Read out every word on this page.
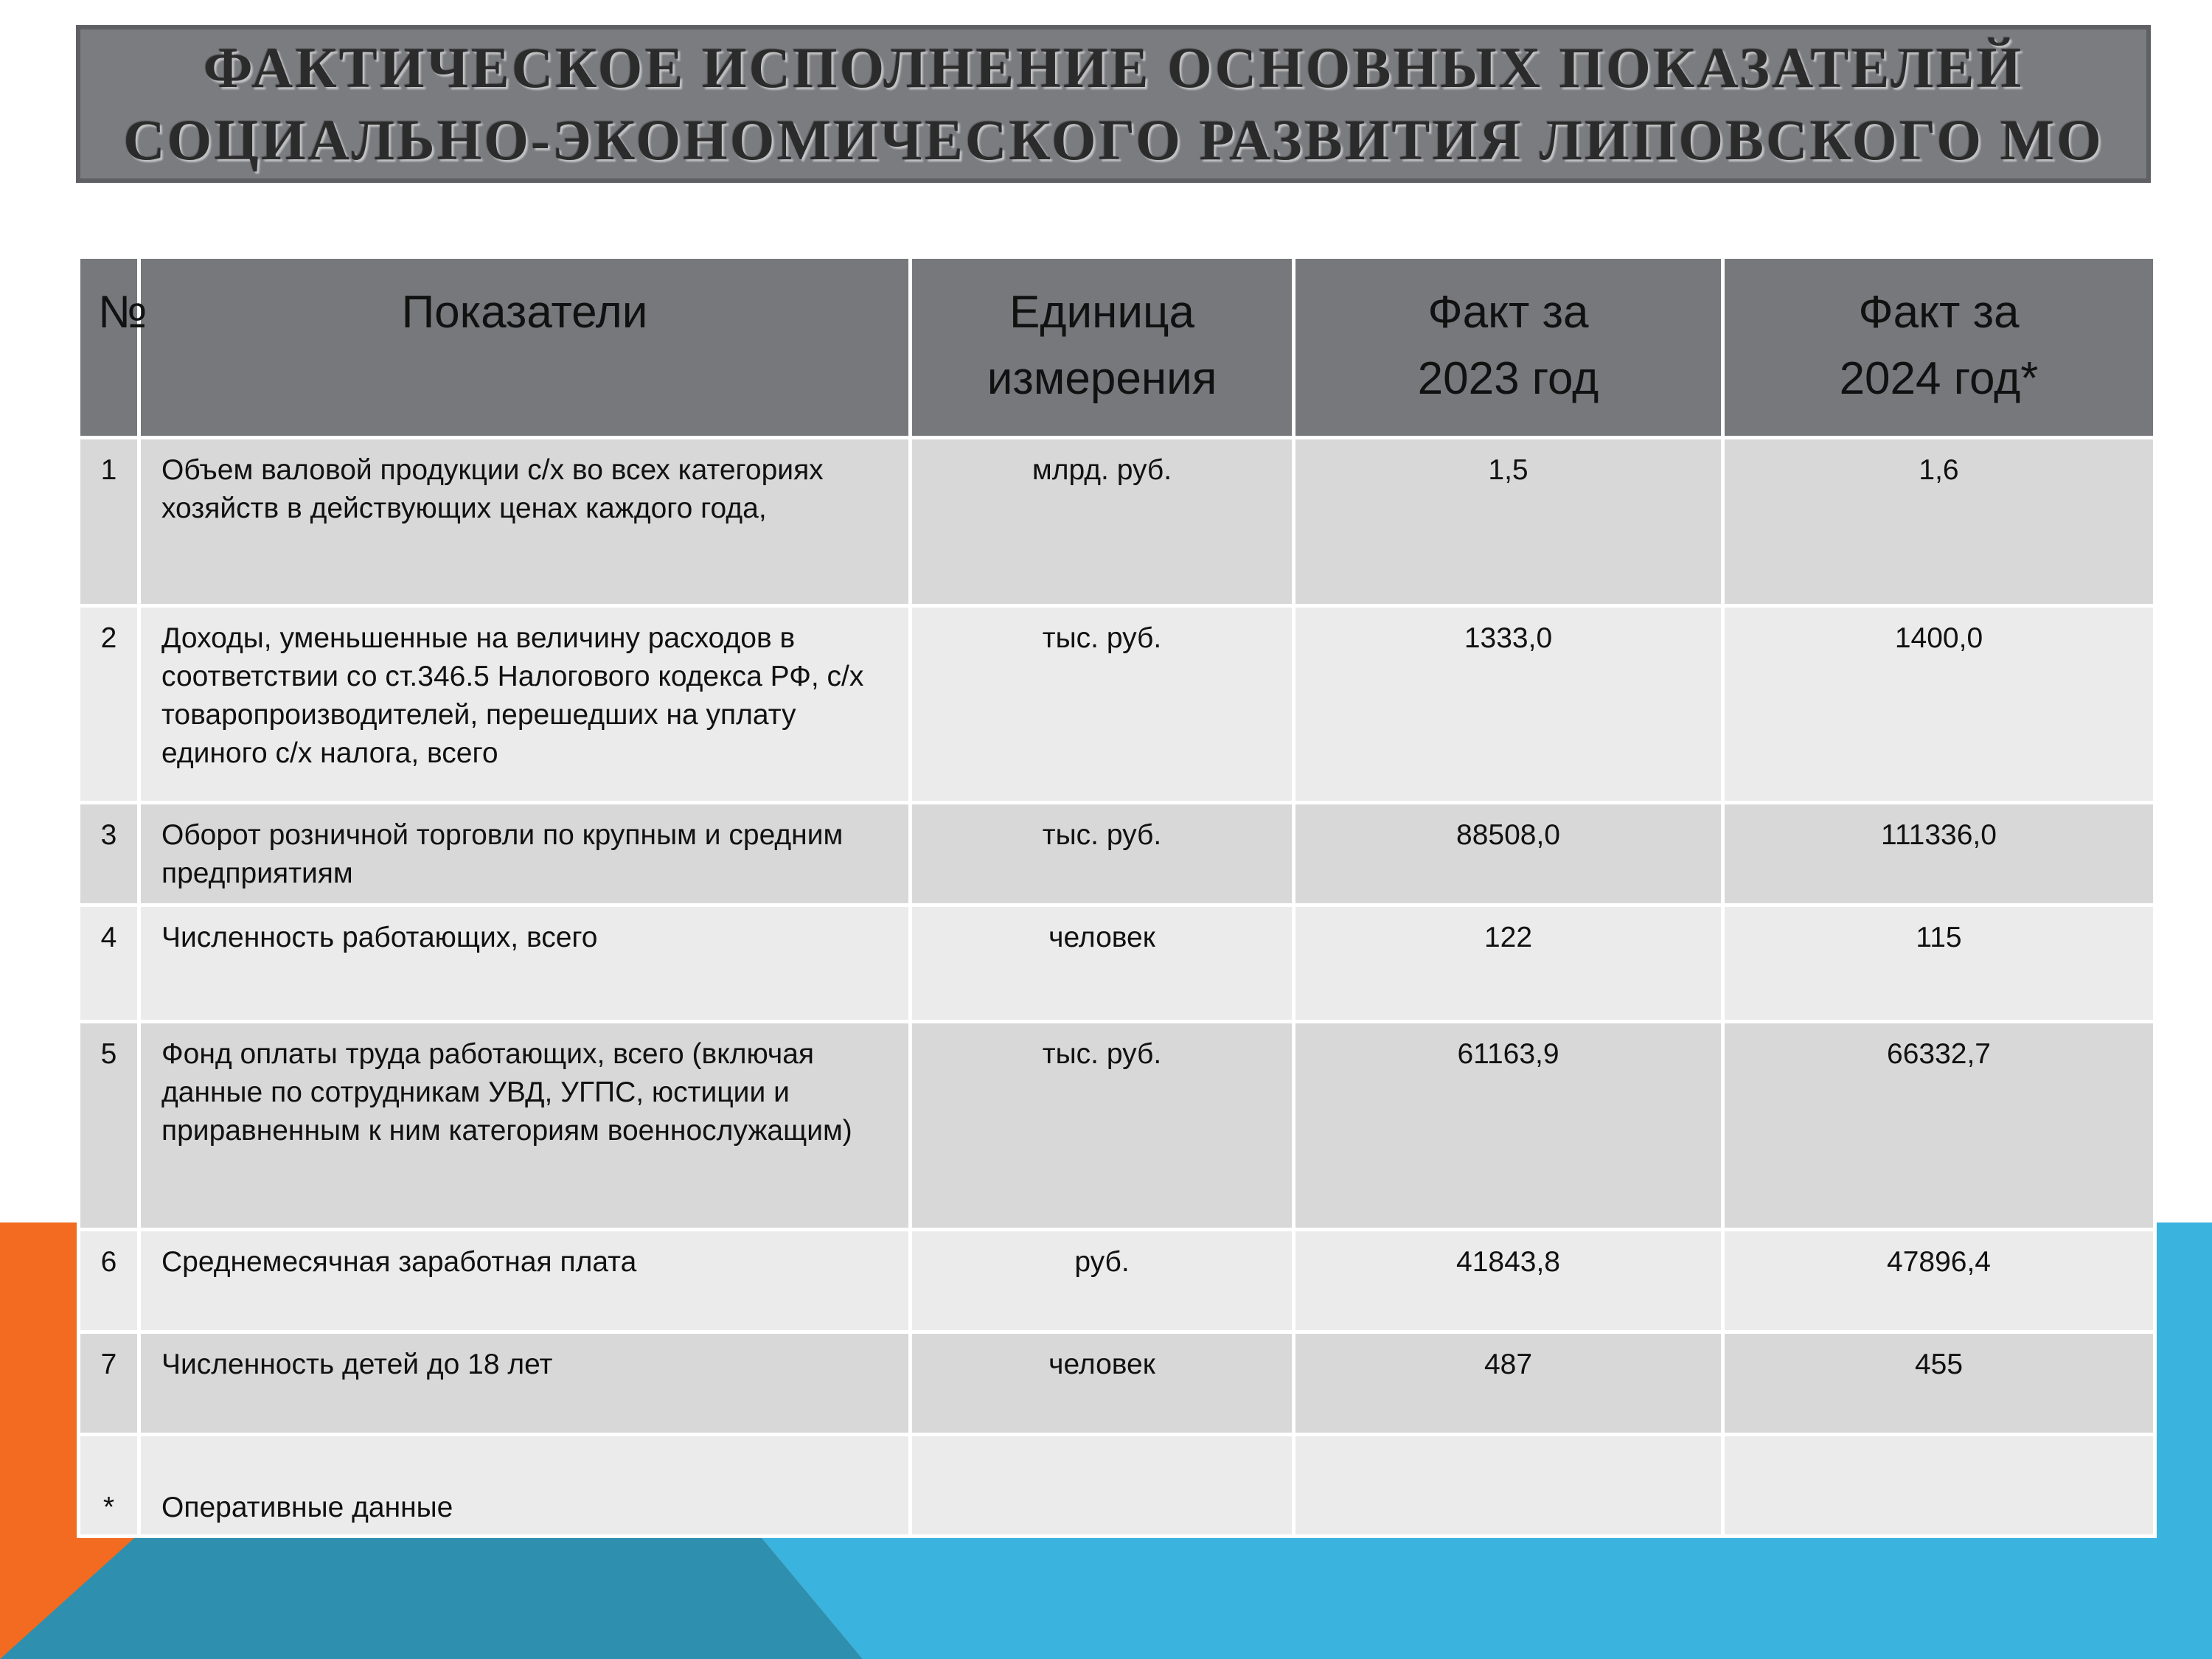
ФАКТИЧЕСКОЕ ИСПОЛНЕНИЕ ОСНОВНЫХ ПОКАЗАТЕЛЕЙ
СОЦИАЛЬНО-ЭКОНОМИЧЕСКОГО РАЗВИТИЯ ЛИПОВСКОГО МО
№	Показатели	Единица измерения	Факт за 2023 год	Факт за 2024 год*
1	Объем валовой продукции с/х во всех категориях хозяйств в действующих ценах каждого года,	млрд. руб.	1,5	1,6
2	Доходы, уменьшенные на величину расходов в соответствии со ст.346.5 Налогового кодекса РФ, с/х товаропроизводителей, перешедших на уплату единого с/х налога, всего	тыс. руб.	1333,0	1400,0
3	Оборот розничной торговли по крупным и средним предприятиям	тыс. руб.	88508,0	111336,0
4	Численность работающих, всего	человек	122	115
5	Фонд оплаты труда работающих, всего (включая данные по сотрудникам УВД, УГПС, юстиции и приравненным к ним категориям военнослужащим)	тыс. руб.	61163,9	66332,7
6	Среднемесячная заработная плата	руб.	41843,8	47896,4
7	Численность детей до 18 лет	человек	487	455
*	Оперативные данные			
